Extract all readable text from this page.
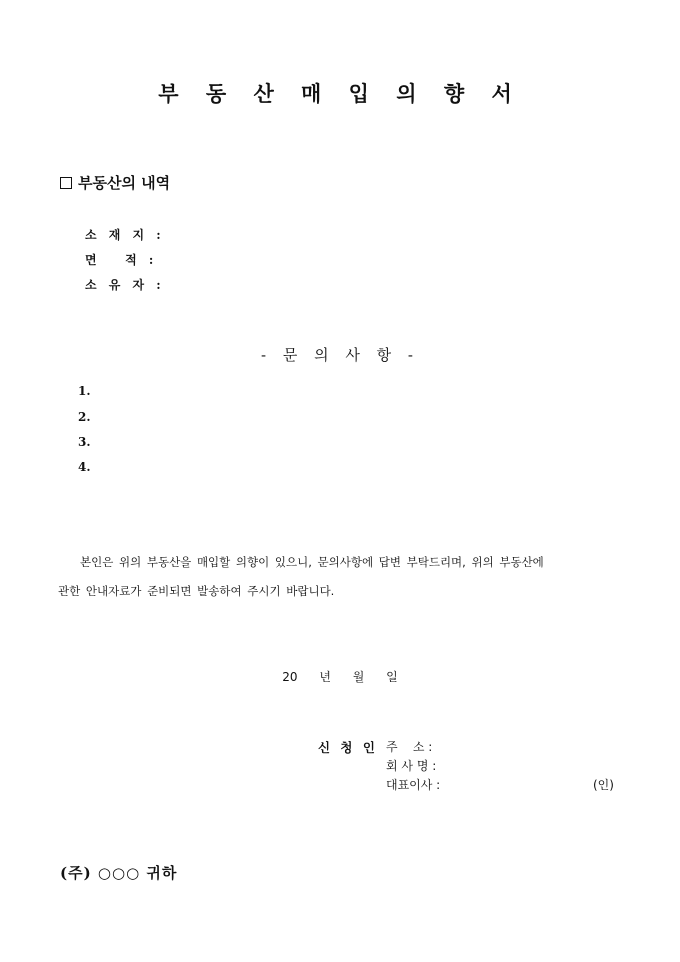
부 동 산 매 입 의 향 서
부동산의 내역
소 재 지 :
면   적 :
소 유 자 :
- 문 의 사 항 -
1.
2.
3.
4.
본인은 위의 부동산을 매입할 의향이 있으니, 문의사항에 답변 부탁드리며, 위의 부동산에
관한 안내자료가 준비되면 발송하여 주시기 바랍니다.
20 년 월 일
신 청 인 주    소 :
회 사 명 :
대표이사 :	(인)
(주) ○○○ 귀하
